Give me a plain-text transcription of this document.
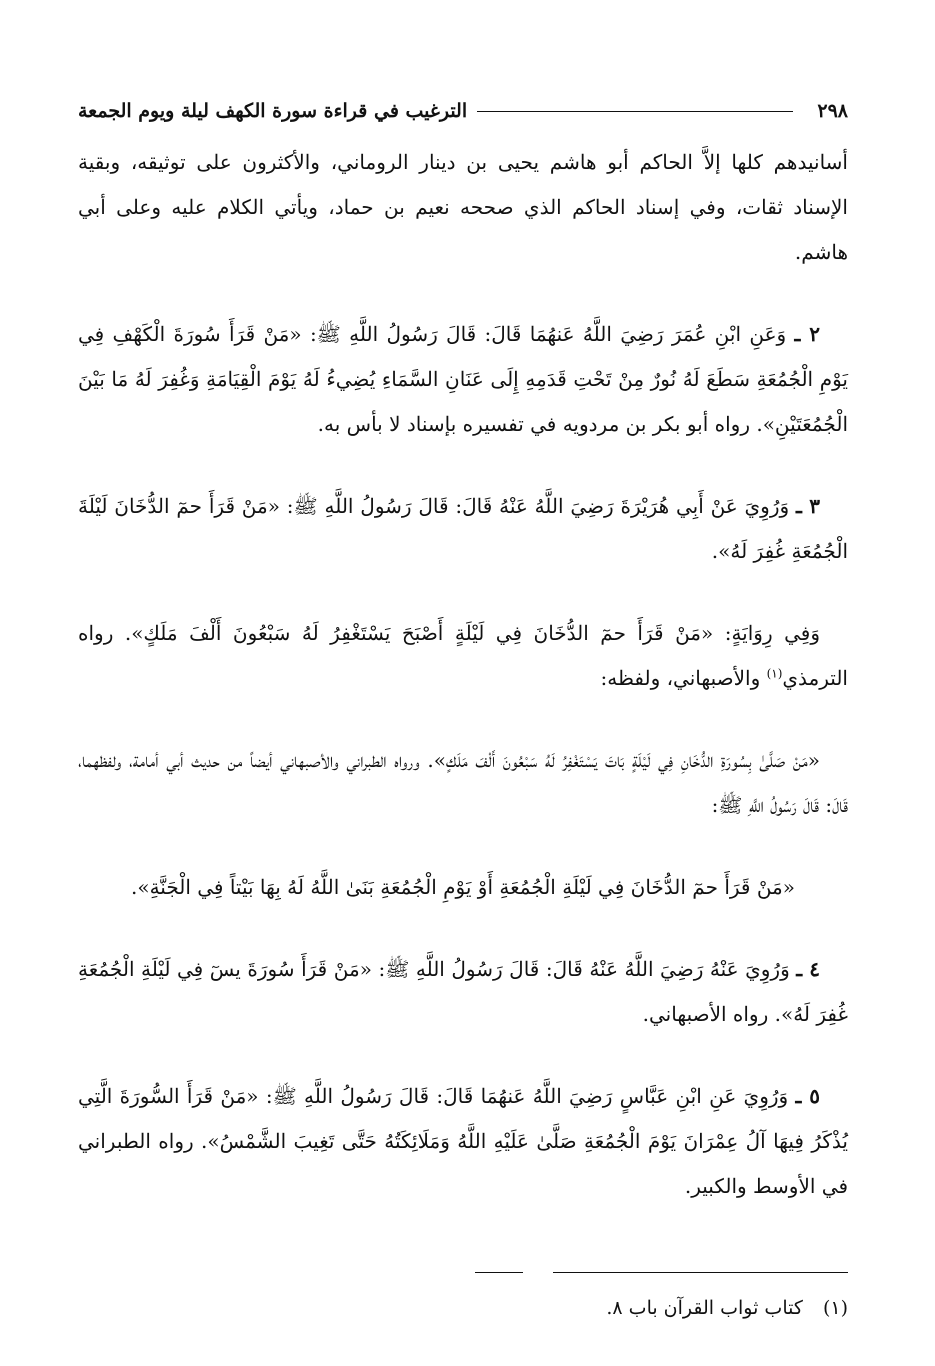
٢٩٨
الترغيب في قراءة سورة الكهف ليلة ويوم الجمعة

أسانيدهم كلها إلاَّ الحاكم أبو هاشم يحيى بن دينار الروماني، والأكثرون على توثيقه، وبقية الإسناد ثقات، وفي إسناد الحاكم الذي صححه نعيم بن حماد، ويأتي الكلام عليه وعلى أبي هاشم.

٢ ـ وَعَنِ ابْنِ عُمَرَ رَضِيَ اللَّهُ عَنهُمَا قَالَ: قَالَ رَسُولُ اللَّهِ ﷺ: «مَنْ قَرَأَ سُورَةَ الْكَهْفِ فِي يَوْمِ الْجُمُعَةِ سَطَعَ لَهُ نُورٌ مِنْ تَحْتِ قَدَمِهِ إِلَى عَنَانِ السَّمَاءِ يُضِيءُ لَهُ يَوْمَ الْقِيَامَةِ وَغُفِرَ لَهُ مَا بَيْنَ الْجُمُعَتَيْنِ». رواه أبو بكر بن مردويه في تفسيره بإسناد لا بأس به.

٣ ـ وَرُوِيَ عَنْ أَبِي هُرَيْرَةَ رَضِيَ اللَّهُ عَنْهُ قَالَ: قَالَ رَسُولُ اللَّهِ ﷺ: «مَنْ قَرَأَ حمٓ الدُّخَانَ لَيْلَةَ الْجُمُعَةِ غُفِرَ لَهُ».

وَفِي رِوَايَةٍ: «مَنْ قَرَأَ حمٓ الدُّخَانَ فِي لَيْلَةٍ أَصْبَحَ يَسْتَغْفِرُ لَهُ سَبْعُونَ أَلْفَ مَلَكٍ». رواه الترمذي$^{(١)}$ والأصبهاني، ولفظه:

«مَنْ صَلَّىٰ بِسُورَةِ الدُّخَانِ فِي لَيْلَةٍ بَاتَ يَسْتَغْفِرُ لَهُ سَبْعُونَ أَلْفَ مَلَكٍ». ورواه الطبراني والأصبهاني أيضاً من حديث أبي أمامة، ولفظهما، قَالَ: قَالَ رَسُولُ اللَّهِ ﷺ:

«مَنْ قَرَأَ حمٓ الدُّخَانَ فِي لَيْلَةِ الْجُمُعَةِ أَوْ يَوْمِ الْجُمُعَةِ بَنَىٰ اللَّهُ لَهُ بِهَا بَيْتاً فِي الْجَنَّةِ».

٤ ـ وَرُوِيَ عَنْهُ رَضِيَ اللَّهُ عَنْهُ قَالَ: قَالَ رَسُولُ اللَّهِ ﷺ: «مَنْ قَرَأَ سُورَةَ يسٓ فِي لَيْلَةِ الْجُمُعَةِ غُفِرَ لَهُ». رواه الأصبهاني.

٥ ـ وَرُوِيَ عَنِ ابْنِ عَبَّاسٍ رَضِيَ اللَّهُ عَنهُمَا قَالَ: قَالَ رَسُولُ اللَّهِ ﷺ: «مَنْ قَرَأَ السُّورَةَ الَّتِي يُذْكَرُ فِيهَا آلُ عِمْرَانَ يَوْمَ الْجُمُعَةِ صَلَّىٰ عَلَيْهِ اللَّهُ وَمَلَائِكَتُهُ حَتَّى تَغِيبَ الشَّمْسُ». رواه الطبراني في الأوسط والكبير.

(١) كتاب ثواب القرآن باب ٨.
